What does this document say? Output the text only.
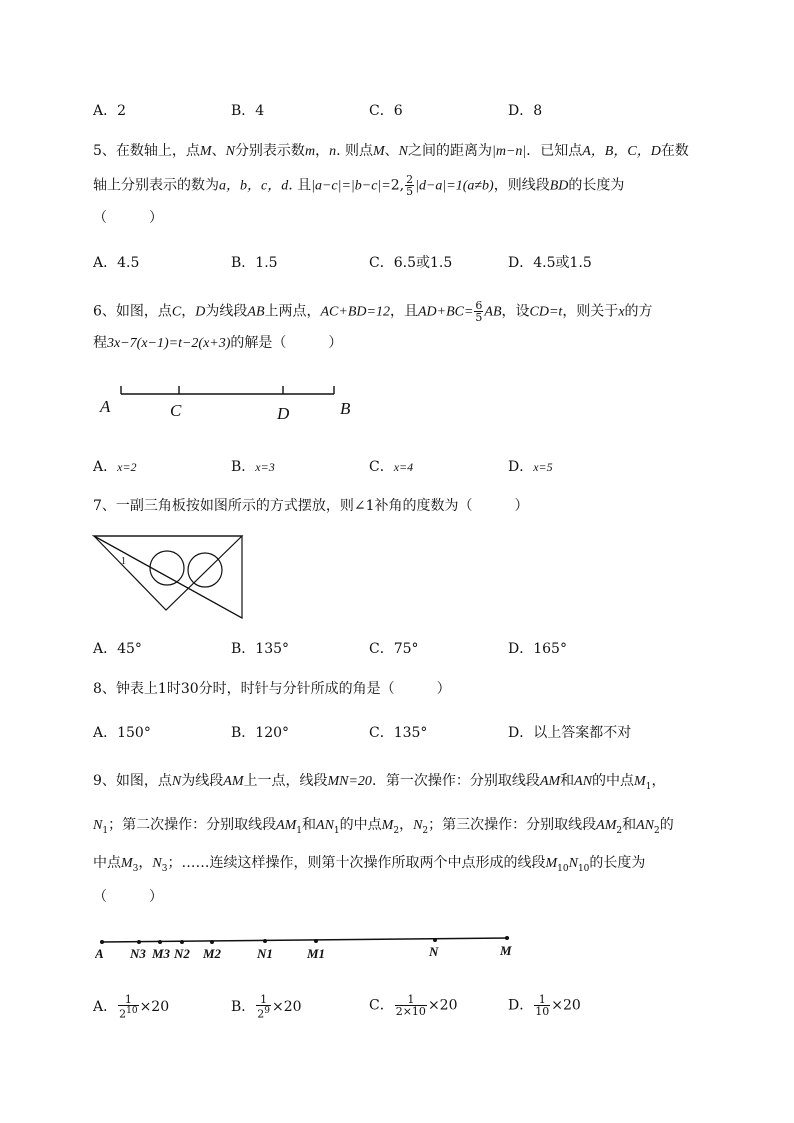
A．2	B．4	C．6	D．8
5、在数轴上，点M、N分别表示数m，n. 则点M、N之间的距离为|m−n|．已知点A，B，C，D在数
轴上分别表示的数为a，b，c，d. 且|a−c|=|b−c|=2, $\frac{2}{5} |d-a|=1(a\ne b)$，则线段BD的长度为
（　　　）
A．4.5	B．1.5	C．6.5或1.5	D．4.5或1.5
6、如图，点C，D为线段AB上两点，AC+BD=12，且$AD+BC= \frac{6}{5}$ AB，设CD=t，则关于x的方
程3x−7(x−1)=t−2(x+3)的解是（　　　）
A	C	D	B
A．x=2	B．x=3	C．x=4	D．x=5
7、一副三角板按如图所示的方式摆放，则∠1补角的度数为（　　　）
1
A．45°	B．135°	C．75°	D．165°
8、钟表上1时30分时，时针与分针所成的角是（　　　）
A．150°	B．120°	C．135°	D．以上答案都不对
9、如图，点N为线段AM上一点，线段MN=20．第一次操作：分别取线段AM和AN的中点$M_1$，
$N_1$；第二次操作：分别取线段$AM_1$和$AN_1$的中点$M_2$，$N_2$；第三次操作：分别取线段$AM_2$和$AN_2$的
中点$M_3$，$N_3$；……连续这样操作，则第十次操作所取两个中点形成的线段$M_{10}N_{10}$的长度为
（　　　）
A N3 M3 N2 M2	N1	M1	N	M
A． $\frac{1}{2^{10}} \times 20$	B． $\frac{1}{2^9} \times 20$	C． $\frac{1}{2\times 10} \times 20$	D． $\frac{1}{10} \times 20$
